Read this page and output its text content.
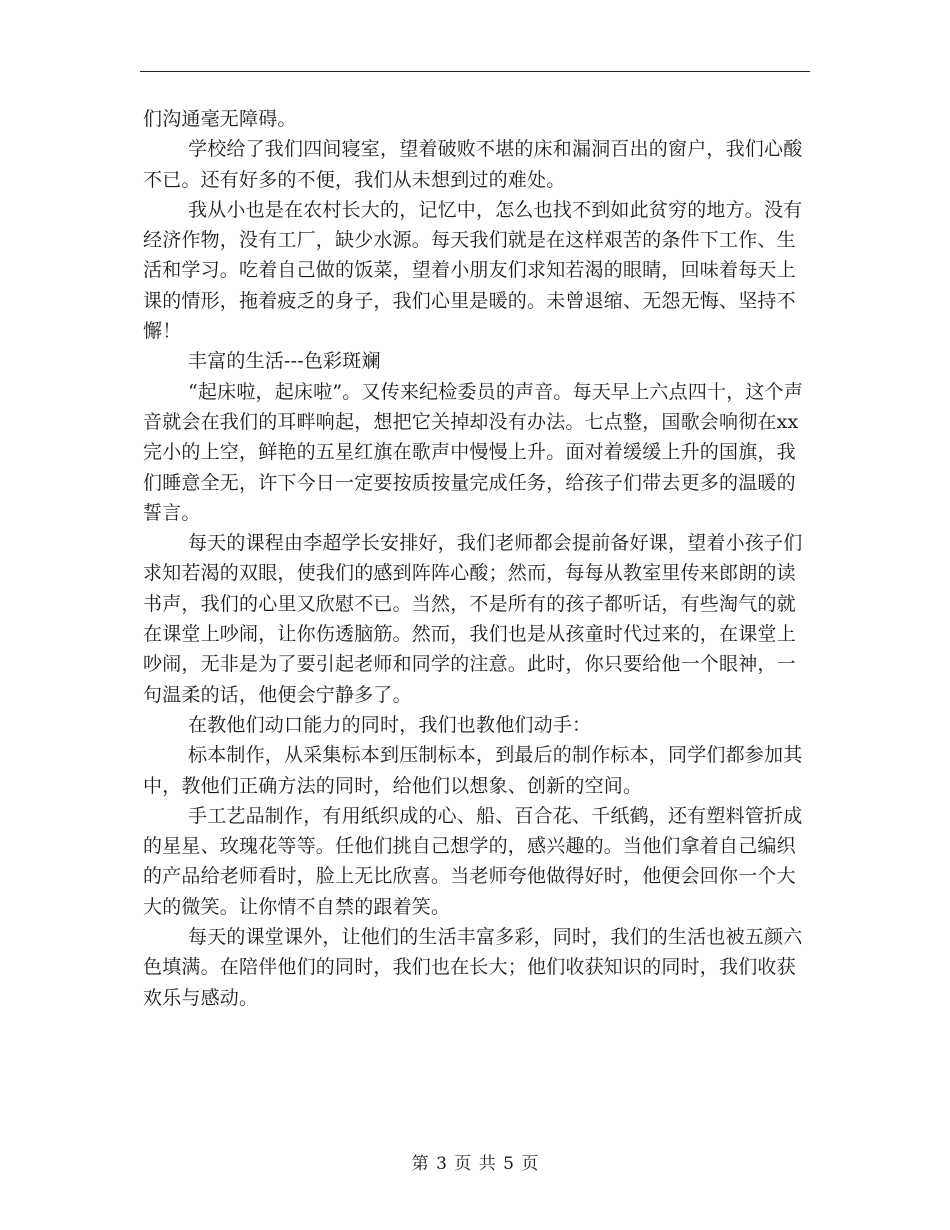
们沟通毫无障碍。

学校给了我们四间寝室，望着破败不堪的床和漏洞百出的窗户，我们心酸不已。还有好多的不便，我们从未想到过的难处。

我从小也是在农村长大的，记忆中，怎么也找不到如此贫穷的地方。没有经济作物，没有工厂，缺少水源。每天我们就是在这样艰苦的条件下工作、生活和学习。吃着自己做的饭菜，望着小朋友们求知若渴的眼睛，回味着每天上课的情形，拖着疲乏的身子，我们心里是暖的。未曾退缩、无怨无悔、坚持不懈！

丰富的生活---色彩斑斓

“起床啦，起床啦”。又传来纪检委员的声音。每天早上六点四十，这个声音就会在我们的耳畔响起，想把它关掉却没有办法。七点整，国歌会响彻在xx完小的上空，鲜艳的五星红旗在歌声中慢慢上升。面对着缓缓上升的国旗，我们睡意全无，许下今日一定要按质按量完成任务，给孩子们带去更多的温暖的誓言。

每天的课程由李超学长安排好，我们老师都会提前备好课，望着小孩子们求知若渴的双眼，使我们的感到阵阵心酸；然而，每每从教室里传来郎朗的读书声，我们的心里又欣慰不已。当然，不是所有的孩子都听话，有些淘气的就在课堂上吵闹，让你伤透脑筋。然而，我们也是从孩童时代过来的，在课堂上吵闹，无非是为了要引起老师和同学的注意。此时，你只要给他一个眼神，一句温柔的话，他便会宁静多了。

在教他们动口能力的同时，我们也教他们动手：

标本制作，从采集标本到压制标本，到最后的制作标本，同学们都参加其中，教他们正确方法的同时，给他们以想象、创新的空间。

手工艺品制作，有用纸织成的心、船、百合花、千纸鹤，还有塑料管折成的星星、玫瑰花等等。任他们挑自己想学的，感兴趣的。当他们拿着自己编织的产品给老师看时，脸上无比欣喜。当老师夸他做得好时，他便会回你一个大大的微笑。让你情不自禁的跟着笑。

每天的课堂课外，让他们的生活丰富多彩，同时，我们的生活也被五颜六色填满。在陪伴他们的同时，我们也在长大；他们收获知识的同时，我们收获欢乐与感动。

第 3 页 共 5 页
